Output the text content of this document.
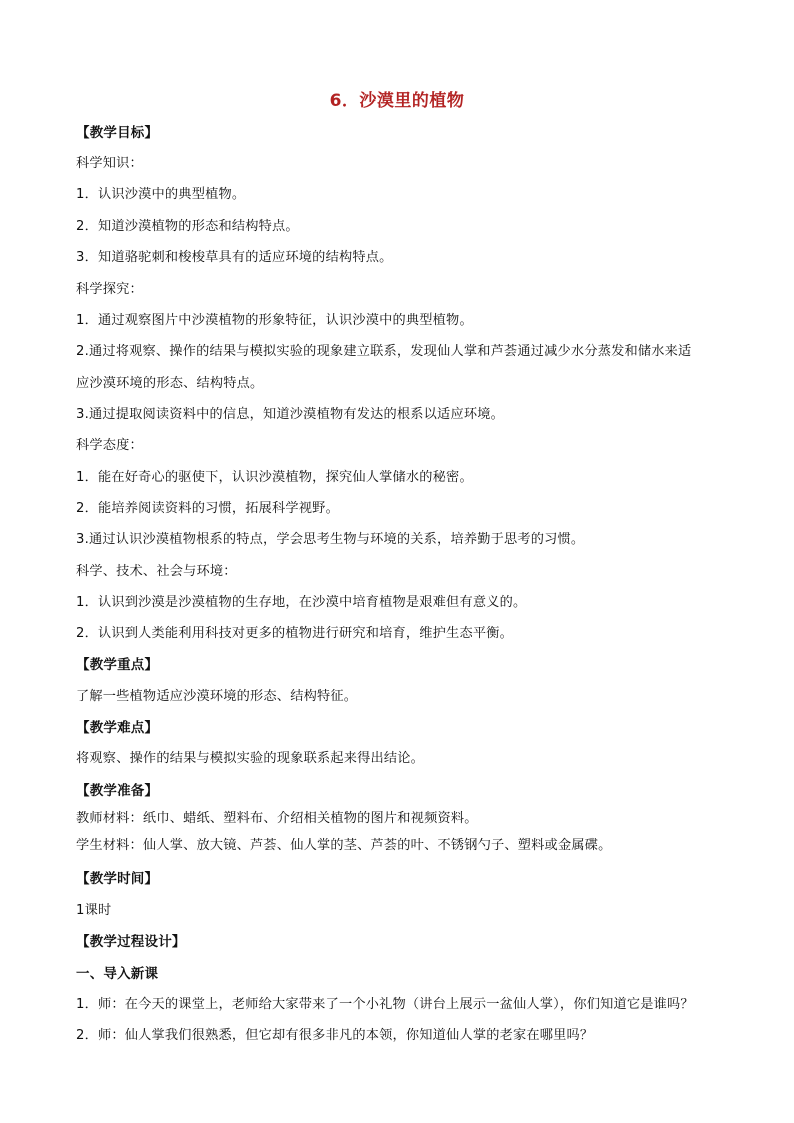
6．沙漠里的植物
【教学目标】
科学知识：
1．认识沙漠中的典型植物。
2．知道沙漠植物的形态和结构特点。
3．知道骆驼刺和梭梭草具有的适应环境的结构特点。
科学探究：
1．通过观察图片中沙漠植物的形象特征，认识沙漠中的典型植物。
2.通过将观察、操作的结果与模拟实验的现象建立联系，发现仙人掌和芦荟通过减少水分蒸发和储水来适
应沙漠环境的形态、结构特点。
3.通过提取阅读资料中的信息，知道沙漠植物有发达的根系以适应环境。
科学态度：
1．能在好奇心的驱使下，认识沙漠植物，探究仙人掌储水的秘密。
2．能培养阅读资料的习惯，拓展科学视野。
3.通过认识沙漠植物根系的特点，学会思考生物与环境的关系，培养勤于思考的习惯。
科学、技术、社会与环境：
1．认识到沙漠是沙漠植物的生存地，在沙漠中培育植物是艰难但有意义的。
2．认识到人类能利用科技对更多的植物进行研究和培育，维护生态平衡。
【教学重点】
了解一些植物适应沙漠环境的形态、结构特征。
【教学难点】
将观察、操作的结果与模拟实验的现象联系起来得出结论。
【教学准备】
教师材料：纸巾、蜡纸、塑料布、介绍相关植物的图片和视频资料。
学生材料：仙人掌、放大镜、芦荟、仙人掌的茎、芦荟的叶、不锈钢勺子、塑料或金属碟。
【教学时间】
1课时
【教学过程设计】
一、导入新课
1．师：在今天的课堂上，老师给大家带来了一个小礼物（讲台上展示一盆仙人掌），你们知道它是谁吗？
2．师：仙人掌我们很熟悉，但它却有很多非凡的本领，你知道仙人掌的老家在哪里吗？
